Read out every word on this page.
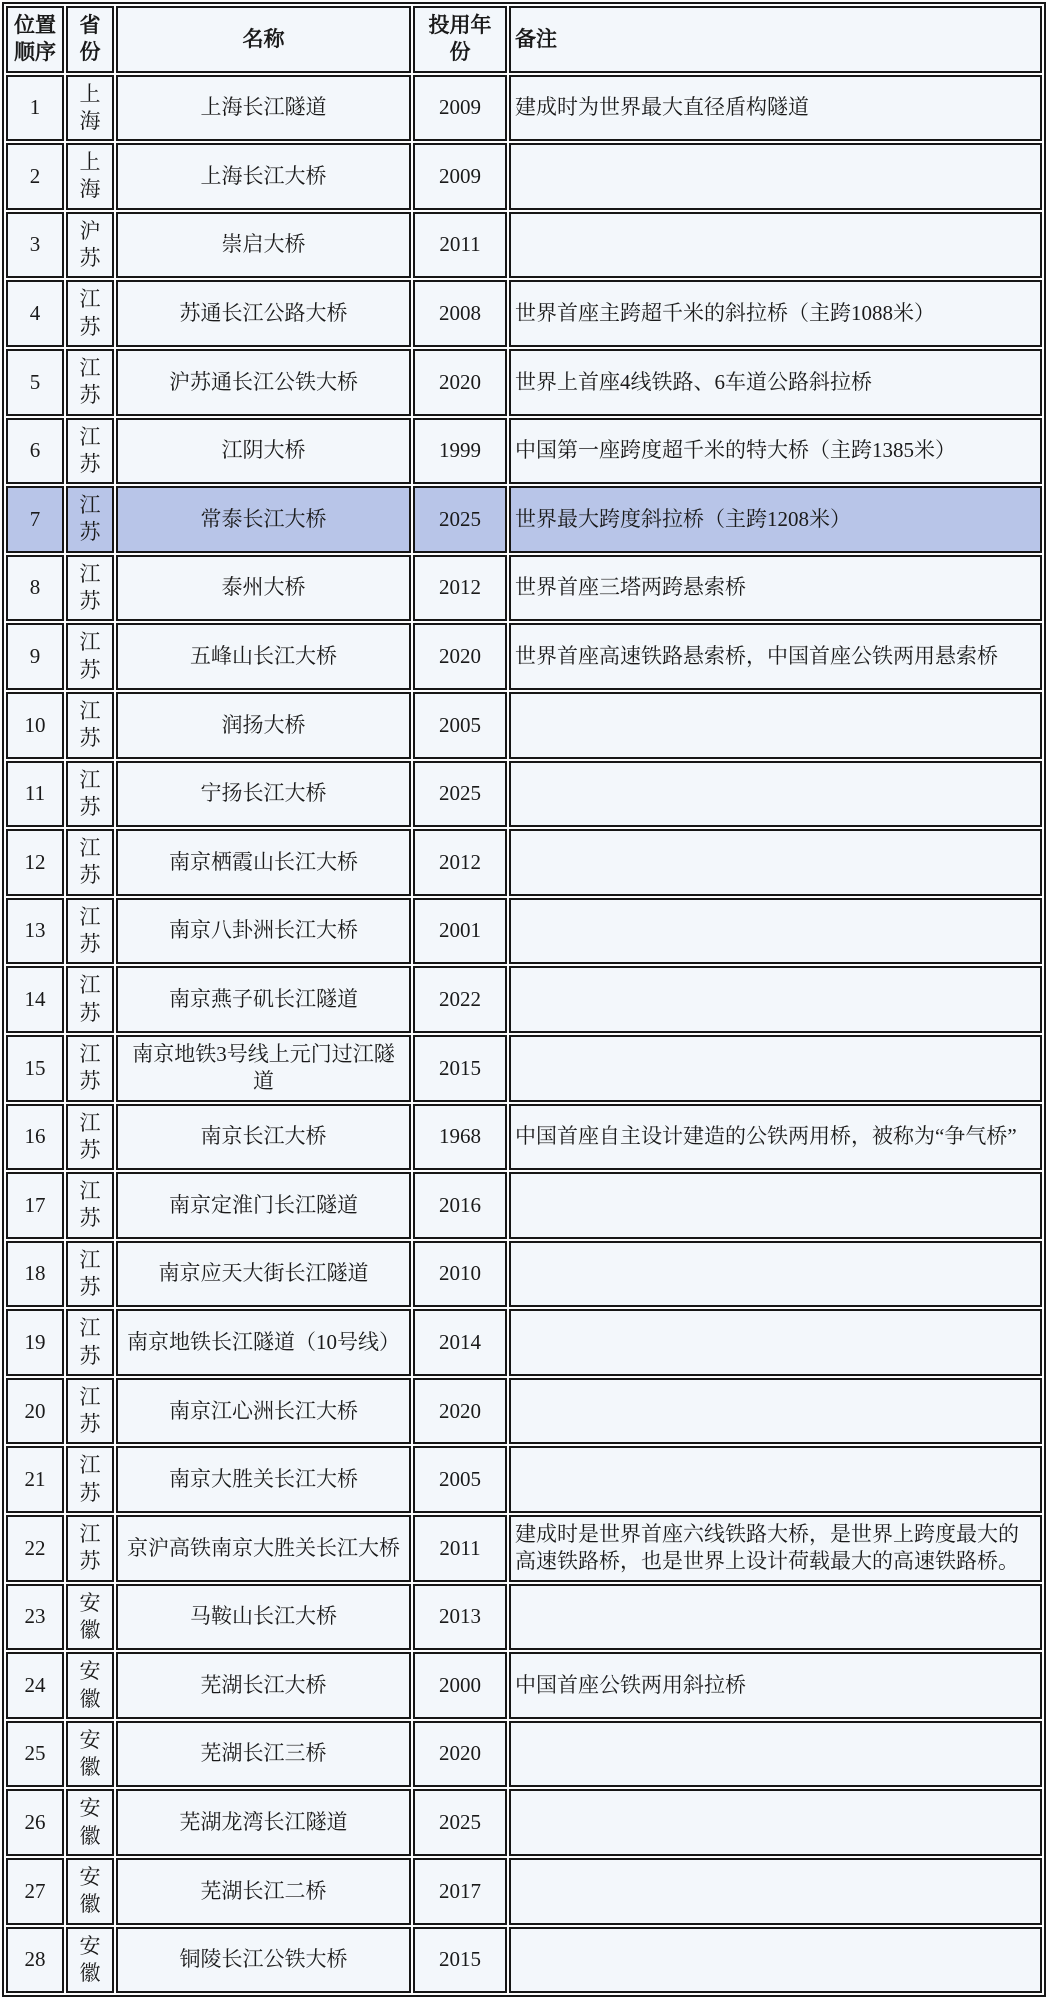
位置顺序	省份	名称	投用年份	备注
1	上海	上海长江隧道	2009	建成时为世界最大直径盾构隧道
2	上海	上海长江大桥	2009	
3	沪苏	崇启大桥	2011	
4	江苏	苏通长江公路大桥	2008	世界首座主跨超千米的斜拉桥（主跨1088米）
5	江苏	沪苏通长江公铁大桥	2020	世界上首座4线铁路、6车道公路斜拉桥
6	江苏	江阴大桥	1999	中国第一座跨度超千米的特大桥（主跨1385米）
7	江苏	常泰长江大桥	2025	世界最大跨度斜拉桥（主跨1208米）
8	江苏	泰州大桥	2012	世界首座三塔两跨悬索桥
9	江苏	五峰山长江大桥	2020	世界首座高速铁路悬索桥，中国首座公铁两用悬索桥
10	江苏	润扬大桥	2005	
11	江苏	宁扬长江大桥	2025	
12	江苏	南京栖霞山长江大桥	2012	
13	江苏	南京八卦洲长江大桥	2001	
14	江苏	南京燕子矶长江隧道	2022	
15	江苏	南京地铁3号线上元门过江隧道	2015	
16	江苏	南京长江大桥	1968	中国首座自主设计建造的公铁两用桥，被称为“争气桥”
17	江苏	南京定淮门长江隧道	2016	
18	江苏	南京应天大街长江隧道	2010	
19	江苏	南京地铁长江隧道（10号线）	2014	
20	江苏	南京江心洲长江大桥	2020	
21	江苏	南京大胜关长江大桥	2005	
22	江苏	京沪高铁南京大胜关长江大桥	2011	建成时是世界首座六线铁路大桥，是世界上跨度最大的高速铁路桥，也是世界上设计荷载最大的高速铁路桥。
23	安徽	马鞍山长江大桥	2013	
24	安徽	芜湖长江大桥	2000	中国首座公铁两用斜拉桥
25	安徽	芜湖长江三桥	2020	
26	安徽	芜湖龙湾长江隧道	2025	
27	安徽	芜湖长江二桥	2017	
28	安徽	铜陵长江公铁大桥	2015	
